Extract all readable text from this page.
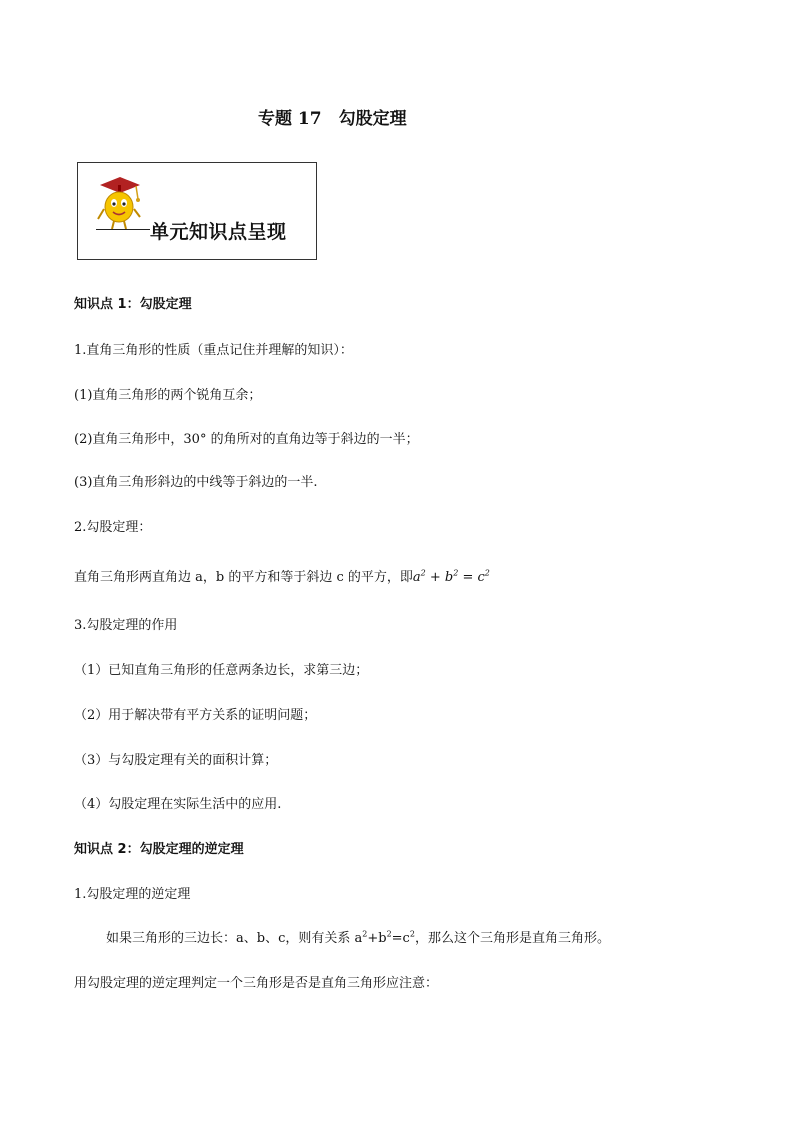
专题 17　勾股定理
单元知识点呈现
知识点 1：勾股定理
1.直角三角形的性质（重点记住并理解的知识）：
(1)直角三角形的两个锐角互余；
(2)直角三角形中，30° 的角所对的直角边等于斜边的一半；
(3)直角三角形斜边的中线等于斜边的一半.
2.勾股定理：
直角三角形两直角边 a，b 的平方和等于斜边 c 的平方，即$a^2 + b^2 = c^2$
3.勾股定理的作用
（1）已知直角三角形的任意两条边长，求第三边；
（2）用于解决带有平方关系的证明问题；
（3）与勾股定理有关的面积计算；
（4）勾股定理在实际生活中的应用.
知识点 2：勾股定理的逆定理
1.勾股定理的逆定理
如果三角形的三边长：a、b、c，则有关系 $a^2+b^2=c^2$，那么这个三角形是直角三角形。
用勾股定理的逆定理判定一个三角形是否是直角三角形应注意：
